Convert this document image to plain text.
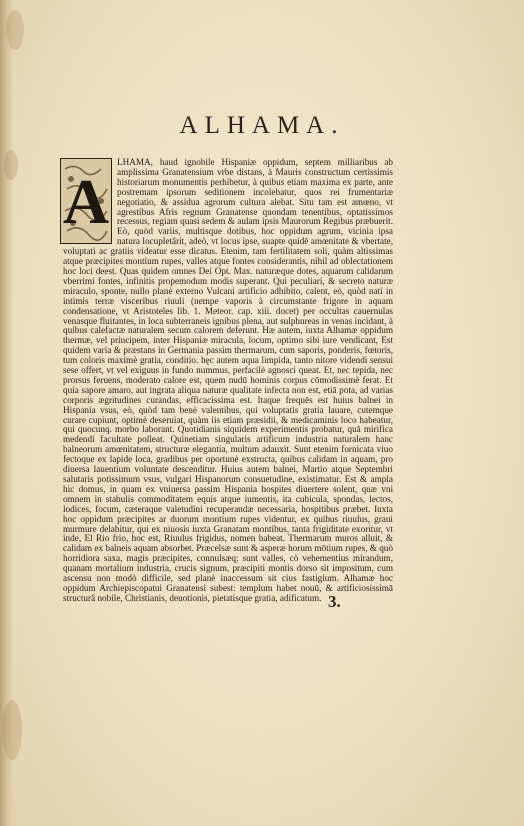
ALHAMA.
A

LHAMA, haud ignobile Hispaniæ oppidum, septem milliaribus ab amplissima Granatensium vrbe distans, à Mauris constructum certissimis historiarum monumentis perhibetur, à quibus etiam maxima ex parte, ante postremam ipsorum seditionem incolebatur, quos rei frumentariæ negotiatio, & assidua agrorum cultura alebat. Situ tam est amœno, vt agrestibus Afris regnum Granatense quondam tenentibus, optatissimos recessus, regiam quasi sedem & aulam ipsis Maurorum Regibus præbuerit. Eò, quòd variis, multisque dotibus, hoc oppidum agrum, vicinia ipsa natura locupletârit, adeò, vt locus ipse, suapte quidē amœnitate & vbertate, voluptati ac gratiis videatur esse dicatus. Etenim, tam fertilitatem soli, quàm altissimas atque præcipites montium rupes, valles atque fontes considerantis, nihil ad oblectationem hoc loci deest. Quas quidem omnes Dei Opt. Max. naturæque dotes, aquarum calidarum vberrimi fontes, infinitis propemodum modis superant. Qui peculiari, & secreto naturæ miraculo, sponte, nullo planè externo Vulcani artificio adhibito, calent, eò, quòd nati in intimis terræ visceribus riuuli (nempe vaporis à circumstante frigore in aquam condensatione, vt Aristoteles lib. 1. Meteor. cap. xiii. docet) per occultas cauernulas venasque fluitantes, in loca subterraneis ignibus plena, aut sulphureas in venas incidant, à quibus calefactæ naturalem secum calorem deferunt. Hæ autem, iuxta Alhamæ oppidum thermæ, vel principem, inter Hispaniæ miracula, locum, optimo sibi iure vendicant, Est quidem varia & præstans in Germania passim thermarum, cum saporis, ponderis, fœtoris, tum coloris maximè gratia, conditio. hęc autem aqua limpida, tanto nitore videndi sensui sese offert, vt vel exiguus in fundo nummus, perfacilè agnosci queat. Et, nec tepida, nec prorsus feruens, moderato calore est, quem nudū hominis corpus cōmodissimè ferat. Et quia sapore amaro, aut ingrata aliqua naturæ qualitate infecta non est, etiā pota, ad varias corporis ægritudines curandas, efficacissima est. Itaque frequēs est huius balnei in Hispania vsus, eò, quòd tam benè valentibus, qui voluptatis gratia lauare, cutemque curare cupiunt, optimè deseruiat, quàm iis etiam præsidii, & medicaminis loco habeatur, qui quocunq. morbo laborant. Quotidianis siquidem experimentis probatur, quā mirifica medendi facultate polleat. Quinetiam singularis artificum industria naturalem hanc balneorum amœnitatem, structuræ elegantia, multum adauxit. Sunt etenim fornicata viuo fectoque ex lapide loca, gradibus per oportunè exstructa, quibus calidam in aquam, pro diuersa lauentium voluntate descenditur. Huius autem balnei, Martio atque Septembri salutaris potissimum vsus, vulgari Hispanorum consuetudine, existimatur. Est & ampla hic domus, in quam ex vniuersa passim Hispania hospites diuertere solent, quæ vni omnem in stabulis commoditatem equis atque iumentis, ita cubicula, spondas, lectos, lodices, focum, cæteraque valetudini recuperandæ necessaria, hospitibus præbet. Iuxta hoc oppidum præcipites ar duorum montium rupes videntur, ex quibus riuulus, graui murmure delabitur, qui ex niuosis iuxta Granatam montibus, tanta frigiditate exoritur, vt inde, El Rio frio, hoc est, Riuulus frigidus, nomen habeat. Thermarum muros alluit, & calidam ex balneis aquam absorbet. Præcelsæ sunt & asperæ horum mōtium rupes, & quò horridiora saxa, magis præcipites, connulsæq; sunt valles, cò vehementius mirandum, quanam mortalium industria, crucis signum, præcipiti montis dorso sit impositum, cum ascensu non modò difficile, sed planè inaccessum sit cius fastigium. Alhamæ hoc oppidum Archiepiscopatui Granatensi subest: templum habet nouū, & artificiosissimā structurâ nobile, Christianis, deuotionis, pietatisque gratia, adificatum. 3.
